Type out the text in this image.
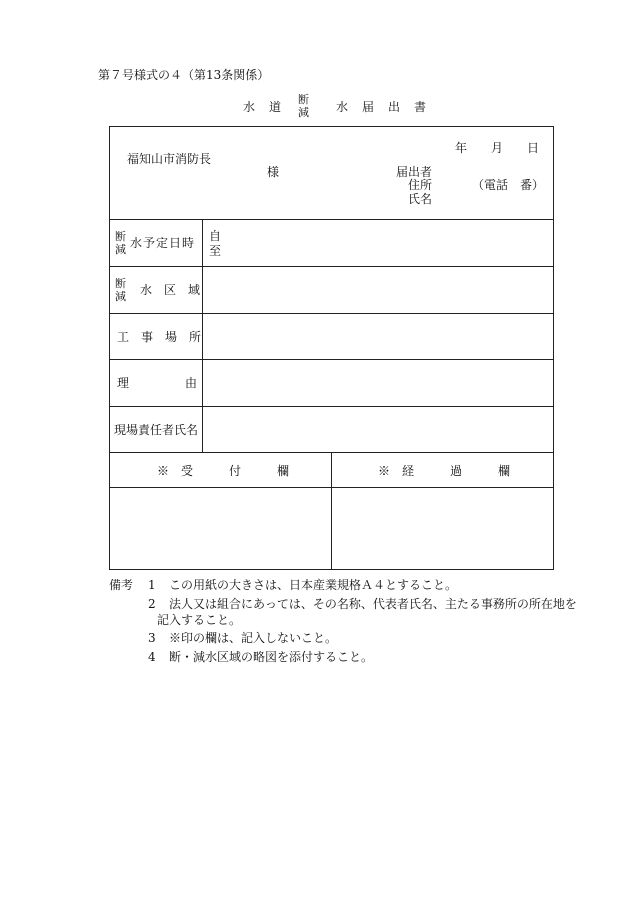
第７号様式の４（第13条関係）
水　道
断
減 水　届　出　書
年　　月　　日
福知山市消防長
様	届出者
住所	（電話　番）
氏名
断
減 水予定日時 自
至
断
減 水　区　域
工　事　場　所
理	由
現場責任者氏名
※　受　　　付　　　欄	※　経　　　過　　　欄
備考 1 この用紙の大きさは、日本産業規格Ａ４とすること。
2 法人又は組合にあっては、その名称、代表者氏名、主たる事務所の所在地を
記入すること。
3 ※印の欄は、記入しないこと。
4 断・減水区域の略図を添付すること。
